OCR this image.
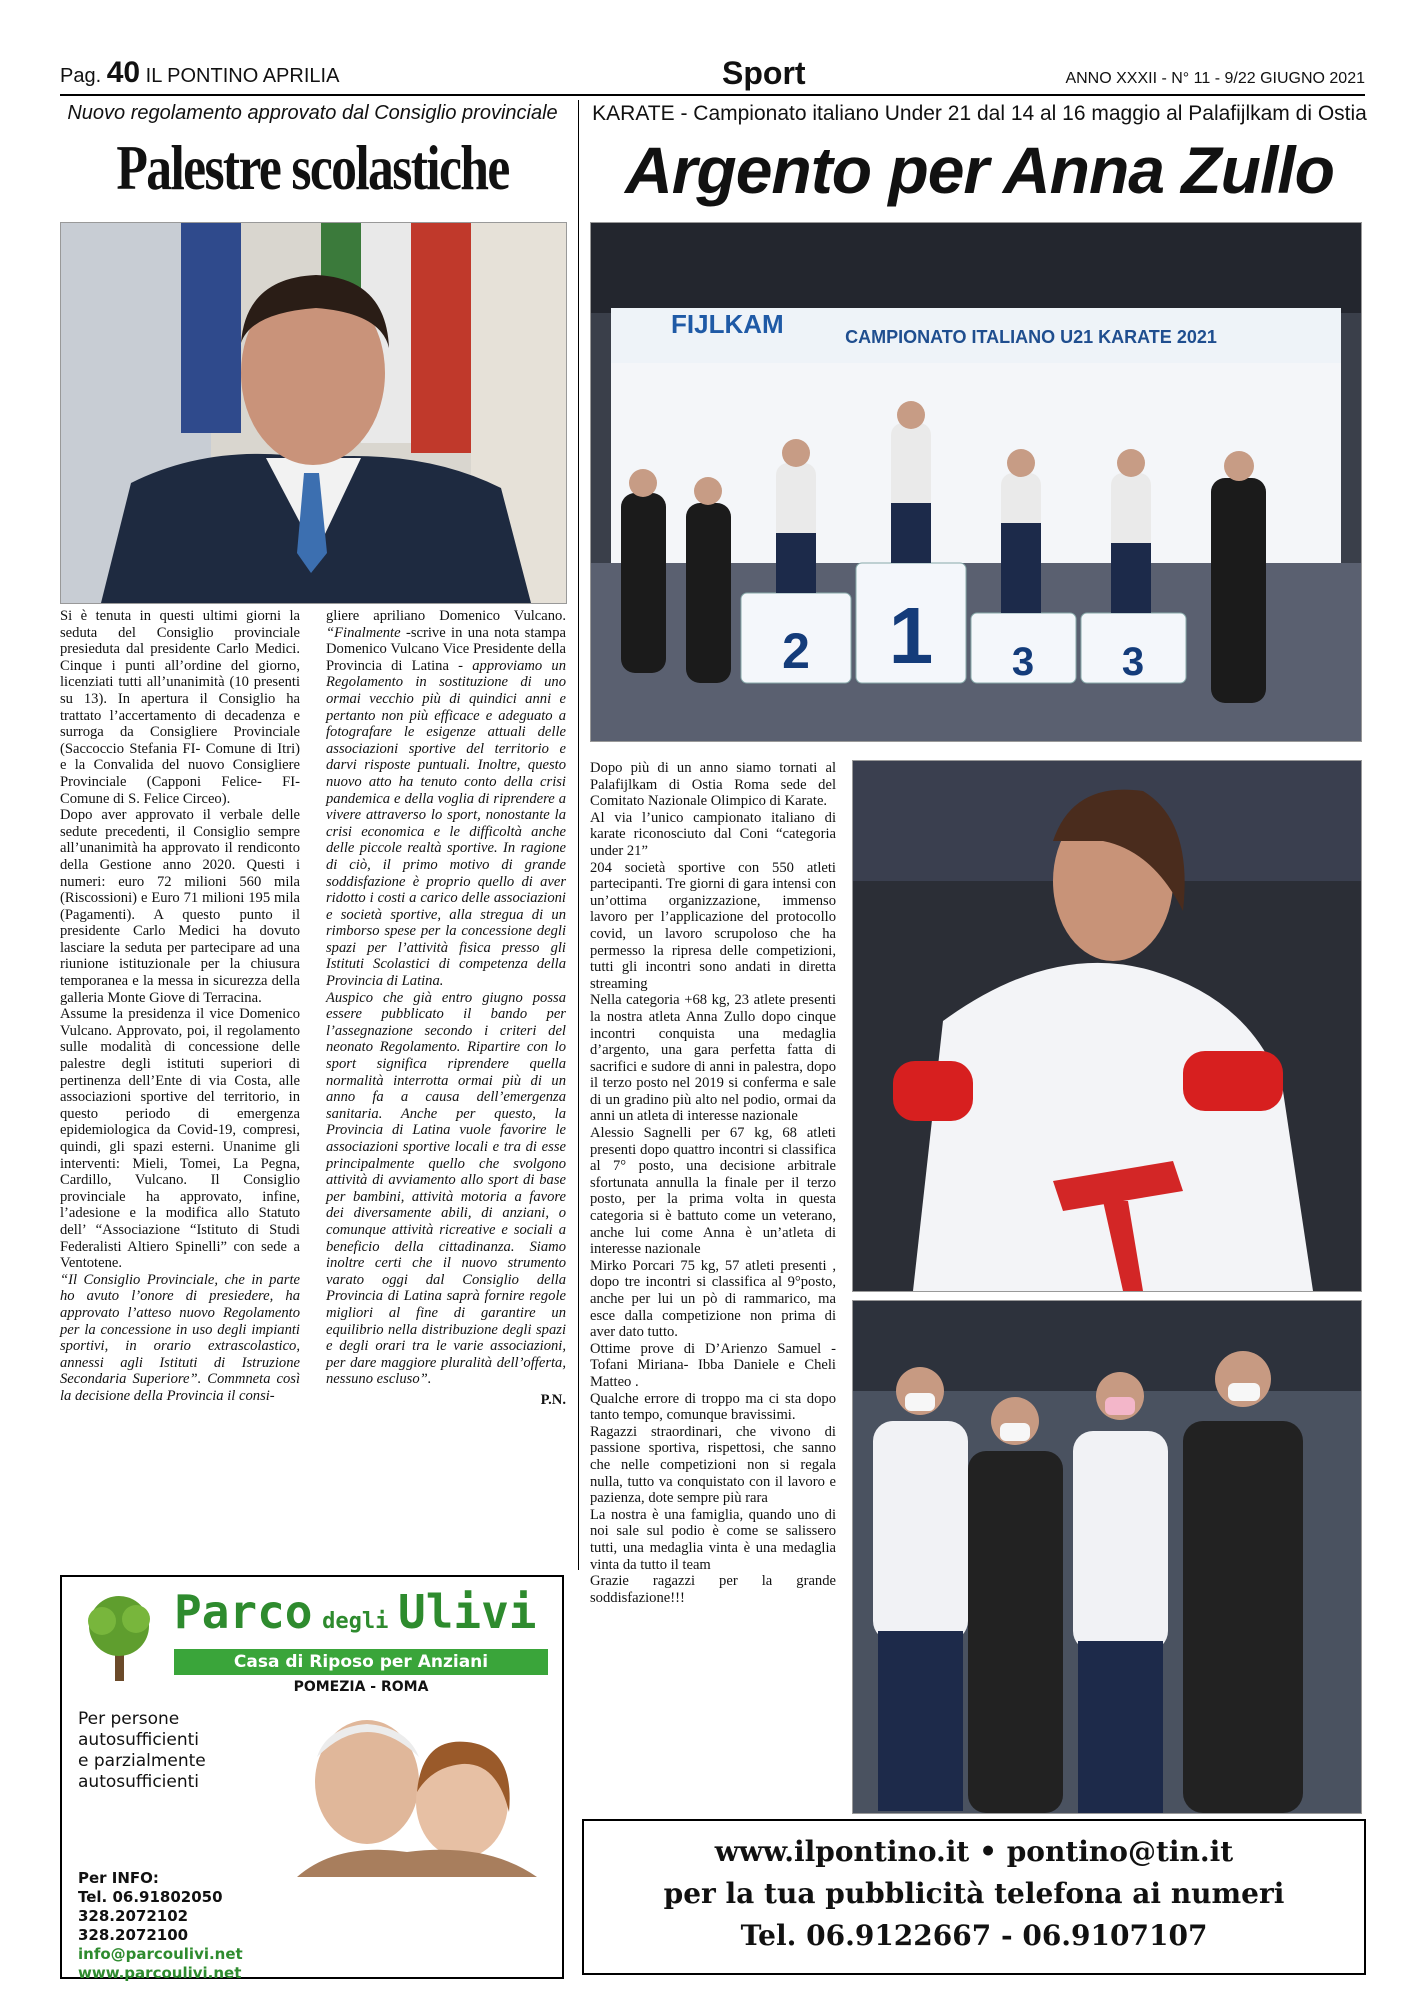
Pag. 40 IL PONTINO APRILIA	Sport	ANNO XXXII - N° 11 - 9/22 GIUGNO 2021
Nuovo regolamento approvato dal Consiglio provinciale
Palestre scolastiche

Si è tenuta in questi ultimi giorni la seduta del Consiglio provinciale presieduta dal presidente Carlo Medici. Cinque i punti all’ordine del giorno, licenziati tutti all’unanimità (10 presenti su 13). In apertura il Consiglio ha trattato l’accertamento di decadenza e surroga da Consigliere Provinciale (Saccoccio Stefania FI- Comune di Itri) e la Convalida del nuovo Consigliere Provinciale (Capponi Felice- FI- Comune di S. Felice Circeo).

Dopo aver approvato il verbale delle sedute precedenti, il Consiglio sempre all’unanimità ha approvato il rendiconto della Gestione anno 2020. Questi i numeri: euro 72 milioni 560 mila (Riscossioni) e Euro 71 milioni 195 mila (Pagamenti). A questo punto il presidente Carlo Medici ha dovuto lasciare la seduta per partecipare ad una riunione istituzionale per la chiusura temporanea e la messa in sicurezza della galleria Monte Giove di Terracina.

Assume la presidenza il vice Domenico Vulcano. Approvato, poi, il regolamento sulle modalità di concessione delle palestre degli istituti superiori di pertinenza dell’Ente di via Costa, alle associazioni sportive del territorio, in questo periodo di emergenza epidemiologica da Covid-19, compresi, quindi, gli spazi esterni. Unanime gli interventi: Mieli, Tomei, La Pegna, Cardillo, Vulcano. Il Consiglio provinciale ha approvato, infine, l’adesione e la modifica allo Statuto dell’ “Associazione “Istituto di Studi Federalisti Altiero Spinelli” con sede a Ventotene.

“Il Consiglio Provinciale, che in parte ho avuto l’onore di presiedere, ha approvato l’atteso nuovo Regolamento per la concessione in uso degli impianti sportivi, in orario extrascolastico, annessi agli Istituti di Istruzione Secondaria Superiore”. Commneta così la decisione della Provincia il consi-

gliere apriliano Domenico Vulcano. “Finalmente -scrive in una nota stampa Domenico Vulcano Vice Presidente della Provincia di Latina - approviamo un Regolamento in sostituzione di uno ormai vecchio più di quindici anni e pertanto non più efficace e adeguato a fotografare le esigenze attuali delle associazioni sportive del territorio e darvi risposte puntuali. Inoltre, questo nuovo atto ha tenuto conto della crisi pandemica e della voglia di riprendere a vivere attraverso lo sport, nonostante la crisi economica e le difficoltà anche delle piccole realtà sportive. In ragione di ciò, il primo motivo di grande soddisfazione è proprio quello di aver ridotto i costi a carico delle associazioni e società sportive, alla stregua di un rimborso spese per la concessione degli spazi per l’attività fisica presso gli Istituti Scolastici di competenza della Provincia di Latina.

Auspico che già entro giugno possa essere pubblicato il bando per l’assegnazione secondo i criteri del neonato Regolamento. Ripartire con lo sport significa riprendere quella normalità interrotta ormai più di un anno fa a causa dell’emergenza sanitaria. Anche per questo, la Provincia di Latina vuole favorire le associazioni sportive locali e tra di esse principalmente quello che svolgono attività di avviamento allo sport di base per bambini, attività motoria a favore dei diversamente abili, di anziani, o comunque attività ricreative e sociali a beneficio della cittadinanza. Siamo inoltre certi che il nuovo strumento varato oggi dal Consiglio della Provincia di Latina saprà fornire regole migliori al fine di garantire un equilibrio nella distribuzione degli spazi e degli orari tra le varie associazioni, per dare maggiore pluralità dell’offerta, nessuno escluso”.

P.N.

KARATE - Campionato italiano Under 21 dal 14 al 16 maggio al Palafijlkam di Ostia
Argento per Anna Zullo
FIJLKAM	CAMPIONATO ITALIANO U21 KARATE 2021
2 1 3 3

Dopo più di un anno siamo tornati al Palafijlkam di Ostia Roma sede del Comitato Nazionale Olimpico di Karate.

Al via l’unico campionato italiano di karate riconosciuto dal Coni “categoria under 21”

204 società sportive con 550 atleti partecipanti. Tre giorni di gara intensi con un’ottima organizzazione, immenso lavoro per l’applicazione del protocollo covid, un lavoro scrupoloso che ha permesso la ripresa delle competizioni, tutti gli incontri sono andati in diretta streaming

Nella categoria +68 kg, 23 atlete presenti la nostra atleta Anna Zullo dopo cinque incontri conquista una medaglia d’argento, una gara perfetta fatta di sacrifici e sudore di anni in palestra, dopo il terzo posto nel 2019 si conferma e sale di un gradino più alto nel podio, ormai da anni un atleta di interesse nazionale

Alessio Sagnelli per 67 kg, 68 atleti presenti dopo quattro incontri si classifica al 7° posto, una decisione arbitrale sfortunata annulla la finale per il terzo posto, per la prima volta in questa categoria si è battuto come un veterano, anche lui come Anna è un’atleta di interesse nazionale

Mirko Porcari 75 kg, 57 atleti presenti , dopo tre incontri si classifica al 9°posto, anche per lui un pò di rammarico, ma esce dalla competizione non prima di aver dato tutto.

Ottime prove di D’Arienzo Samuel - Tofani Miriana- Ibba Daniele e Cheli Matteo .

Qualche errore di troppo ma ci sta dopo tanto tempo, comunque bravissimi.

Ragazzi straordinari, che vivono di passione sportiva, rispettosi, che sanno che nelle competizioni non si regala nulla, tutto va conquistato con il lavoro e pazienza, dote sempre più rara

La nostra è una famiglia, quando uno di noi sale sul podio è come se salissero tutti, una medaglia vinta è una medaglia vinta da tutto il team

Grazie ragazzi per la grande soddisfazione!!!

Parco degli Ulivi
Casa di Riposo per Anziani
POMEZIA - ROMA
Per persone
autosufficienti
e parzialmente
autosufficienti
Per INFO:
Tel. 06.91802050
328.2072102
328.2072100
info@parcoulivi.net
www.parcoulivi.net
www.ilpontino.it • pontino@tin.it
per la tua pubblicità telefona ai numeri
Tel. 06.9122667 - 06.9107107
